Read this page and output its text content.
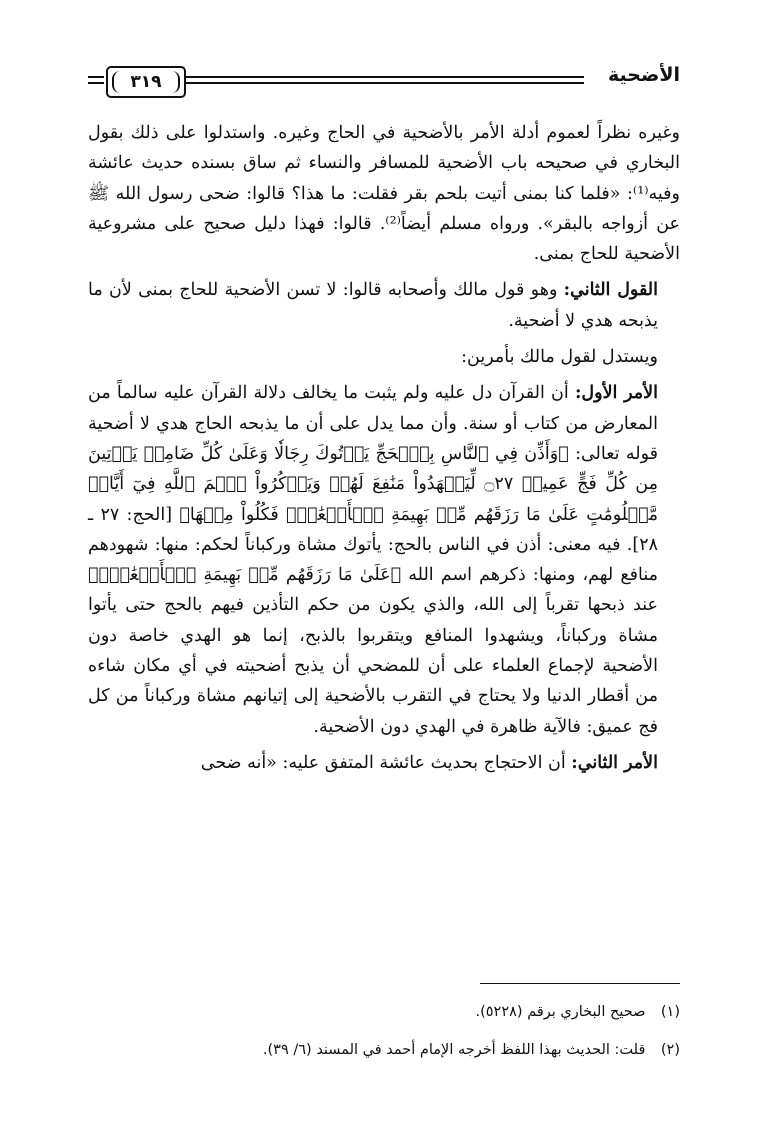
٣١٩	الأضحية

وغيره نظراً لعموم أدلة الأمر بالأضحية في الحاج وغيره. واستدلوا على ذلك بقول البخاري في صحيحه باب الأضحية للمسافر والنساء ثم ساق بسنده حديث عائشة وفيه⁽¹⁾: «فلما كنا بمنى أتيت بلحم بقر فقلت: ما هذا؟ قالوا: ضحى رسول الله ﷺ عن أزواجه بالبقر». ورواه مسلم أيضاً⁽²⁾. قالوا: فهذا دليل صحيح على مشروعية الأضحية للحاج بمنى.

القول الثاني: وهو قول مالك وأصحابه قالوا: لا تسن الأضحية للحاج بمنى لأن ما يذبحه هدي لا أضحية.

ويستدل لقول مالك بأمرين:

الأمر الأول: أن القرآن دل عليه ولم يثبت ما يخالف دلالة القرآن عليه سالماً من المعارض من كتاب أو سنة. وأن مما يدل على أن ما يذبحه الحاج هدي لا أضحية قوله تعالى: ﴿وَأَذِّن فِي ٱلنَّاسِ بِٱلۡحَجِّ يَأۡتُوكَ رِجَالٗا وَعَلَىٰ كُلِّ ضَامِرٖ يَأۡتِينَ مِن كُلِّ فَجٍّ عَمِيقٖ ۝٢٧ لِّيَشۡهَدُواْ مَنَٰفِعَ لَهُمۡ وَيَذۡكُرُواْ ٱسۡمَ ٱللَّهِ فِيٓ أَيَّامٖ مَّعۡلُومَٰتٍ عَلَىٰ مَا رَزَقَهُم مِّنۢ بَهِيمَةِ ٱلۡأَنۡعَٰمِۖ فَكُلُواْ مِنۡهَا﴾ [الحج: ٢٧ ـ ٢٨]. فيه معنى: أذن في الناس بالحج: يأتوك مشاة وركباناً لحكم: منها: شهودهم منافع لهم، ومنها: ذكرهم اسم الله ﴿عَلَىٰ مَا رَزَقَهُم مِّنۢ بَهِيمَةِ ٱلۡأَنۡعَٰمِۖ﴾ عند ذبحها تقرباً إلى الله، والذي يكون من حكم التأذين فيهم بالحج حتى يأتوا مشاة وركباناً، ويشهدوا المنافع ويتقربوا بالذبح، إنما هو الهدي خاصة دون الأضحية لإجماع العلماء على أن للمضحي أن يذبح أضحيته في أي مكان شاءه من أقطار الدنيا ولا يحتاج في التقرب بالأضحية إلى إتيانهم مشاة وركباناً من كل فج عميق: فالآية ظاهرة في الهدي دون الأضحية.

الأمر الثاني: أن الاحتجاج بحديث عائشة المتفق عليه: «أنه ضحى

(١) صحيح البخاري برقم (٥٢٢٨).
(٢) قلت: الحديث بهذا اللفظ أخرجه الإمام أحمد في المسند (٦/ ٣٩).
